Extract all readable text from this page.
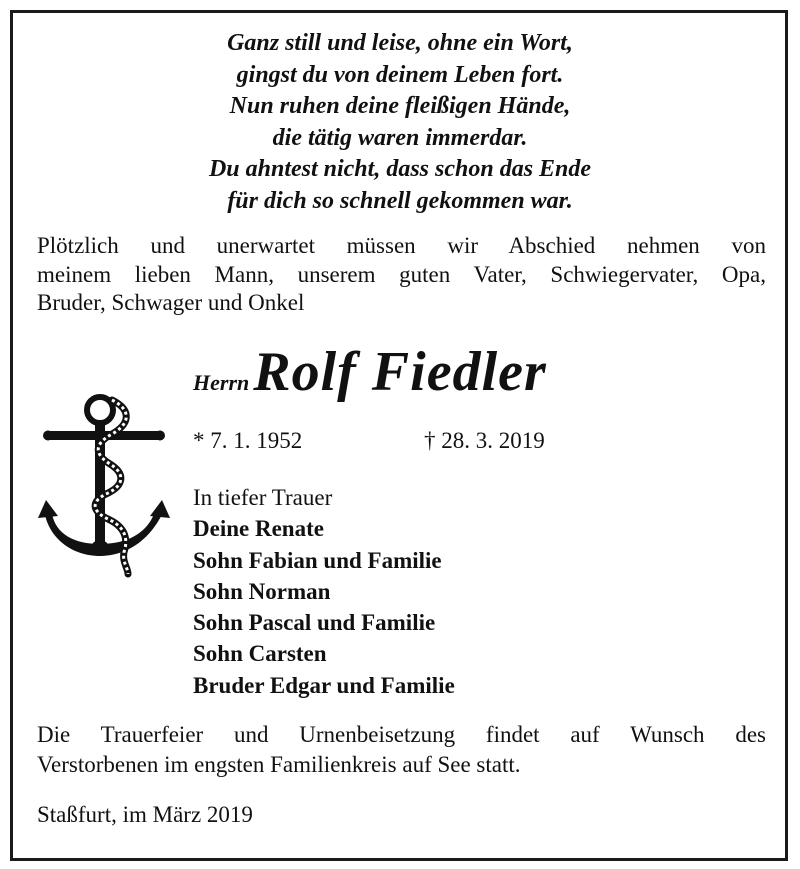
Ganz still und leise, ohne ein Wort,
gingst du von deinem Leben fort.
Nun ruhen deine fleißigen Hände,
die tätig waren immerdar.
Du ahntest nicht, dass schon das Ende
für dich so schnell gekommen war.
Plötzlich und unerwartet müssen wir Abschied nehmen von
meinem lieben Mann, unserem guten Vater, Schwiegervater, Opa,
Bruder, Schwager und Onkel
HerrnRolf Fiedler
* 7. 1. 1952	† 28. 3. 2019
In tiefer Trauer
Deine Renate
Sohn Fabian und Familie
Sohn Norman
Sohn Pascal und Familie
Sohn Carsten
Bruder Edgar und Familie
Die Trauerfeier und Urnenbeisetzung findet auf Wunsch des
Verstorbenen im engsten Familienkreis auf See statt.
Staßfurt, im März 2019
